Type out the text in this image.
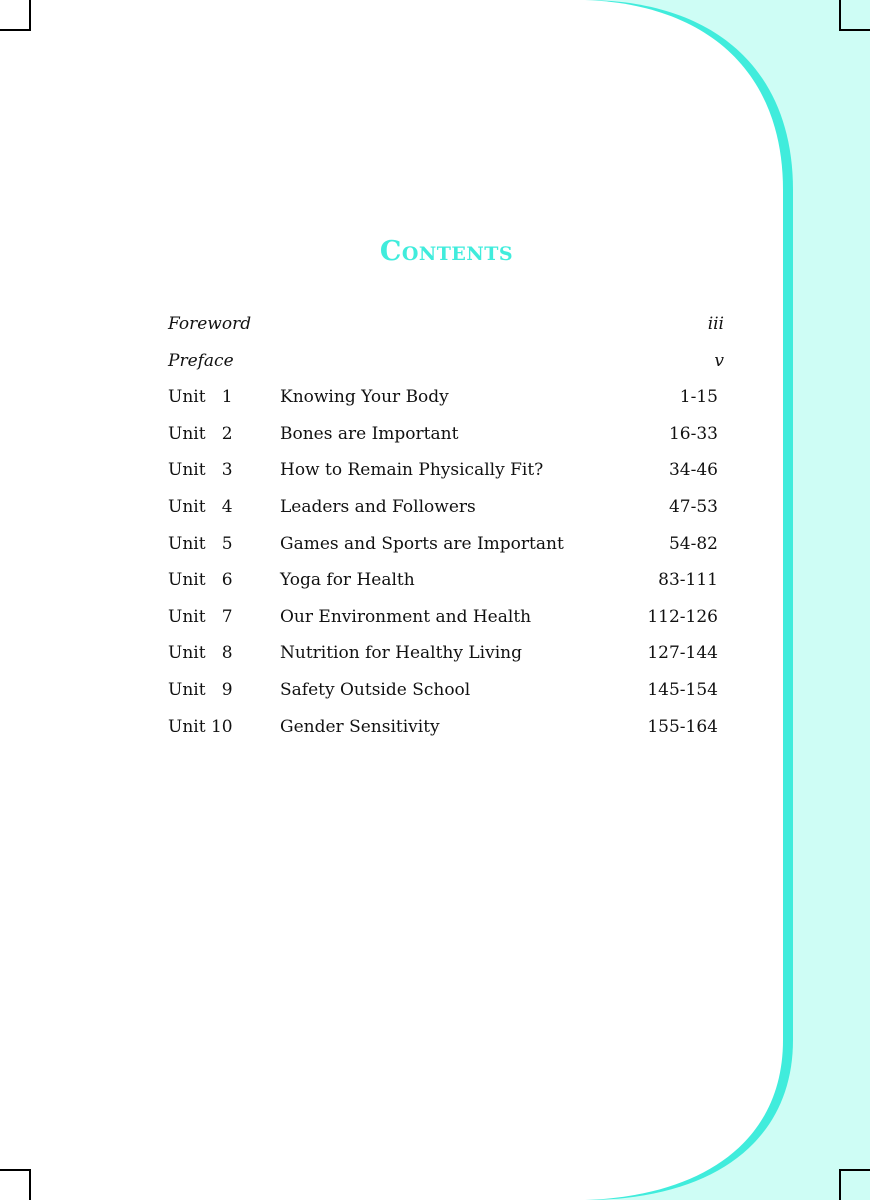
Contents
Foreword	iii
Preface	v
Unit   1	Knowing Your Body	1-15
Unit   2	Bones are Important	16-33
Unit   3	How to Remain Physically Fit?	34-46
Unit   4	Leaders and Followers	47-53
Unit   5	Games and Sports are Important	54-82
Unit   6	Yoga for Health	83-111
Unit   7	Our Environment and Health	112-126
Unit   8	Nutrition for Healthy Living	127-144
Unit   9	Safety Outside School	145-154
Unit 10	Gender Sensitivity	155-164
